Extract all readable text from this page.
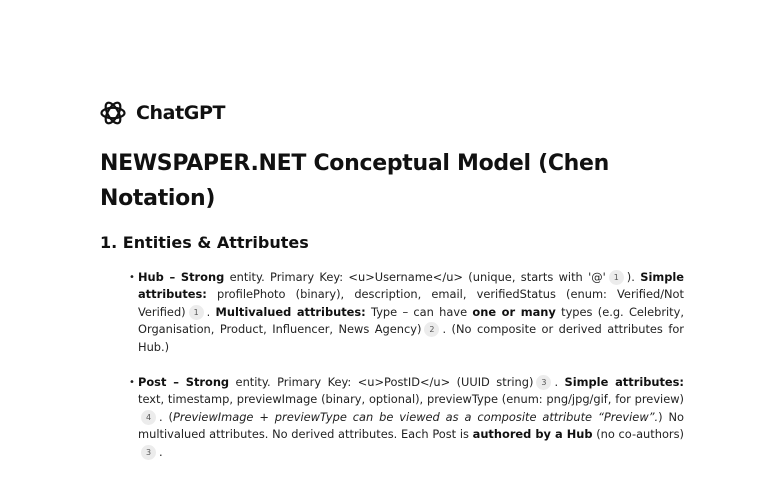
ChatGPT
NEWSPAPER.NET Conceptual Model (Chen Notation)
1. Entities & Attributes
• Hub – Strong entity. Primary Key: <u>Username</u> (unique, starts with '@' 1 ). Simple attributes: profilePhoto (binary), description, email, verifiedStatus (enum: Verified/Not Verified) 1 . Multivalued attributes: Type – can have one or many types (e.g. Celebrity, Organisation, Product, Influencer, News Agency) 2 . (No composite or derived attributes for Hub.)
• Post – Strong entity. Primary Key: <u>PostID</u> (UUID string) 3 . Simple attributes: text, timestamp, previewImage (binary, optional), previewType (enum: png/jpg/gif, for preview)4 . (PreviewImage + previewType can be viewed as a composite attribute “Preview”.) No multivalued attributes. No derived attributes. Each Post is authored by a Hub (no co-authors)3 .
